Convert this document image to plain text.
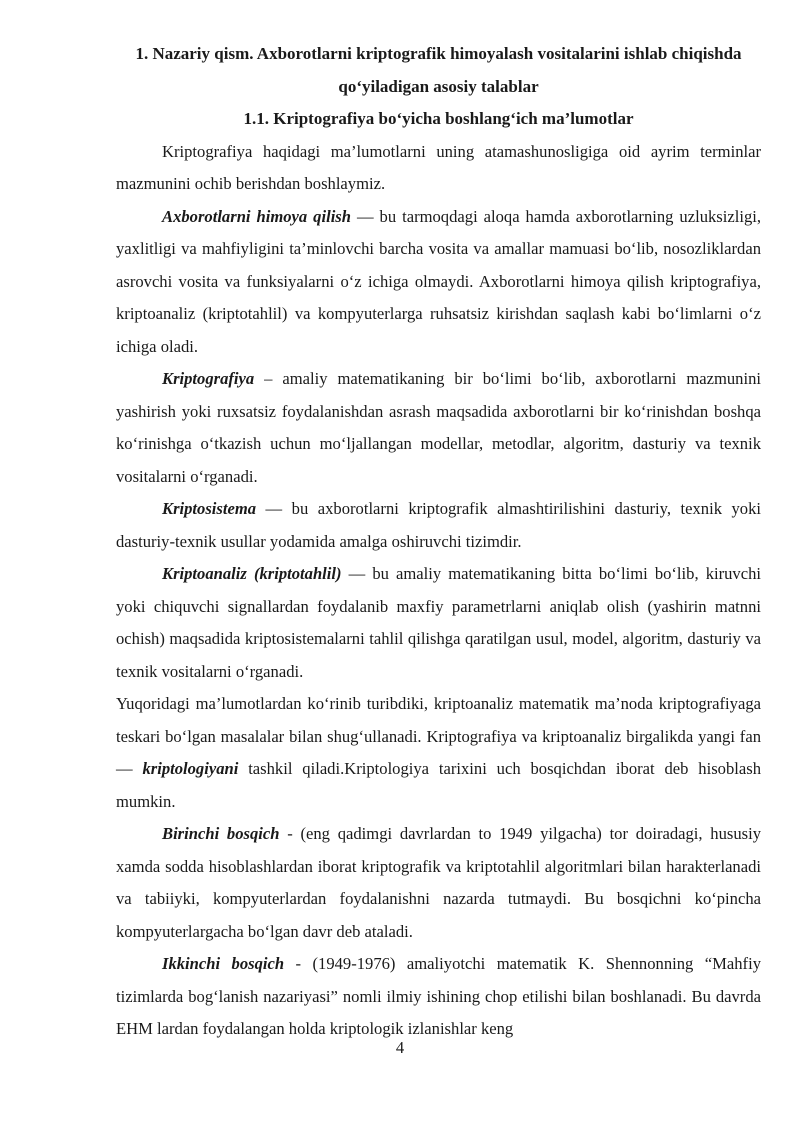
1. Nazariy qism. Axborotlarni kriptografik himoyalash vositalarini ishlab chiqishda qo‘yiladigan asosiy talablar
1.1. Kriptografiya bo‘yicha boshlang‘ich ma’lumotlar

Kriptografiya haqidagi ma’lumotlarni uning atamashunosligiga oid ayrim terminlar mazmunini ochib berishdan boshlaymiz.

Axborotlarni himoya qilish — bu tarmoqdagi aloqa hamda axborotlarning uzluksizligi, yaxlitligi va mahfiyligini ta’minlovchi barcha vosita va amallar mamuasi bo‘lib, nosozliklardan asrovchi vosita va funksiyalarni o‘z ichiga olmaydi. Axborotlarni himoya qilish kriptografiya, kriptoanaliz (kriptotahlil) va kompyuterlarga ruhsatsiz kirishdan saqlash kabi bo‘limlarni o‘z ichiga oladi.

Kriptografiya – amaliy matematikaning bir bo‘limi bo‘lib, axborotlarni mazmunini yashirish yoki ruxsatsiz foydalanishdan asrash maqsadida axborotlarni bir ko‘rinishdan boshqa ko‘rinishga o‘tkazish uchun mo‘ljallangan modellar, metodlar, algoritm, dasturiy va texnik vositalarni o‘rganadi.

Kriptosistema — bu axborotlarni kriptografik almashtirilishini dasturiy, texnik yoki dasturiy-texnik usullar yodamida amalga oshiruvchi tizimdir.

Kriptoanaliz (kriptotahlil) — bu amaliy matematikaning bitta bo‘limi bo‘lib, kiruvchi yoki chiquvchi signallardan foydalanib maxfiy parametrlarni aniqlab olish (yashirin matnni ochish) maqsadida kriptosistemalarni tahlil qilishga qaratilgan usul, model, algoritm, dasturiy va texnik vositalarni o‘rganadi.

Yuqoridagi ma’lumotlardan ko‘rinib turibdiki, kriptoanaliz matematik ma’noda kriptografiyaga teskari bo‘lgan masalalar bilan shug‘ullanadi. Kriptografiya va kriptoanaliz birgalikda yangi fan — kriptologiyani tashkil qiladi.Kriptologiya tarixini uch bosqichdan iborat deb hisoblash mumkin.

Birinchi bosqich - (eng qadimgi davrlardan to 1949 yilgacha) tor doiradagi, hususiy xamda sodda hisoblashlardan iborat kriptografik va kriptotahlil algoritmlari bilan harakterlanadi va tabiiyki, kompyuterlardan foydalanishni nazarda tutmaydi. Bu bosqichni ko‘pincha kompyuterlargacha bo‘lgan davr deb ataladi.

Ikkinchi bosqich - (1949-1976) amaliyotchi matematik K. Shennonning “Mahfiy tizimlarda bog‘lanish nazariyasi” nomli ilmiy ishining chop etilishi bilan boshlanadi. Bu davrda EHM lardan foydalangan holda kriptologik izlanishlar keng

4
